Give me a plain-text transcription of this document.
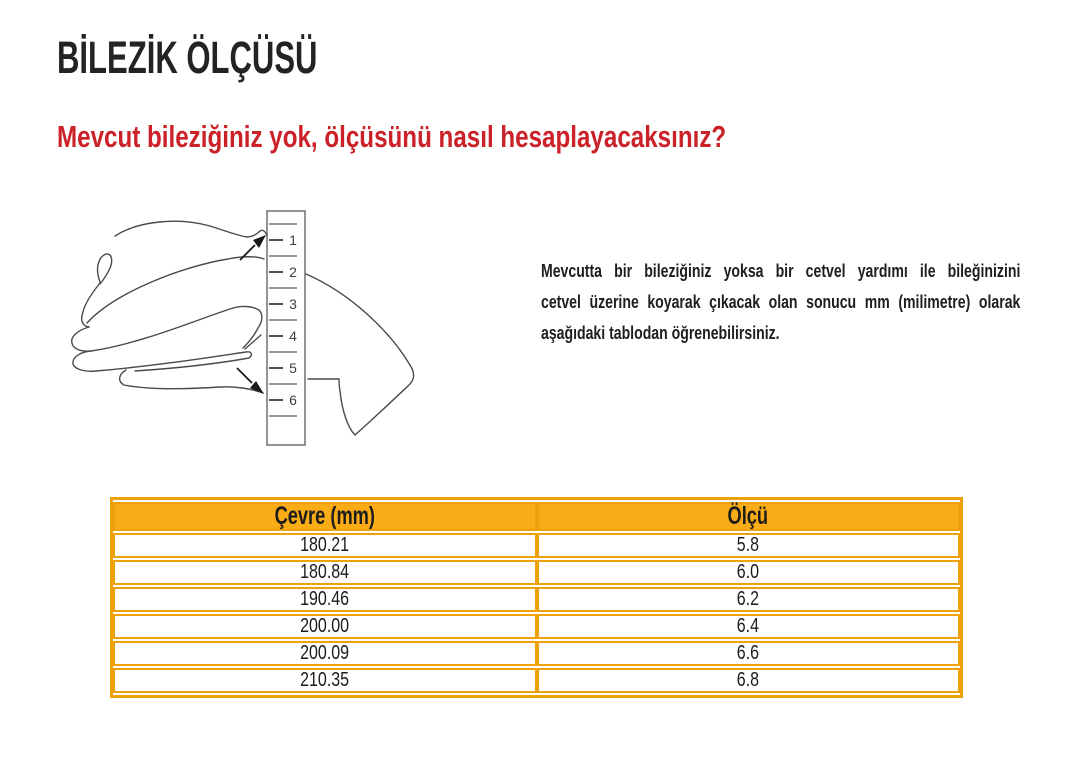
BİLEZİK ÖLÇÜSÜ
Mevcut bileziğiniz yok, ölçüsünü nasıl hesaplayacaksınız?
1
2
3
4
5
6
Mevcutta bir bileziğiniz yoksa bir cetvel yardımı ile bileğinizini
cetvel üzerine koyarak çıkacak olan sonucu mm (milimetre) olarak
aşağıdaki tablodan öğrenebilirsiniz.
Çevre (mm)	Ölçü
180.21	5.8
180.84	6.0
190.46	6.2
200.00	6.4
200.09	6.6
210.35	6.8
